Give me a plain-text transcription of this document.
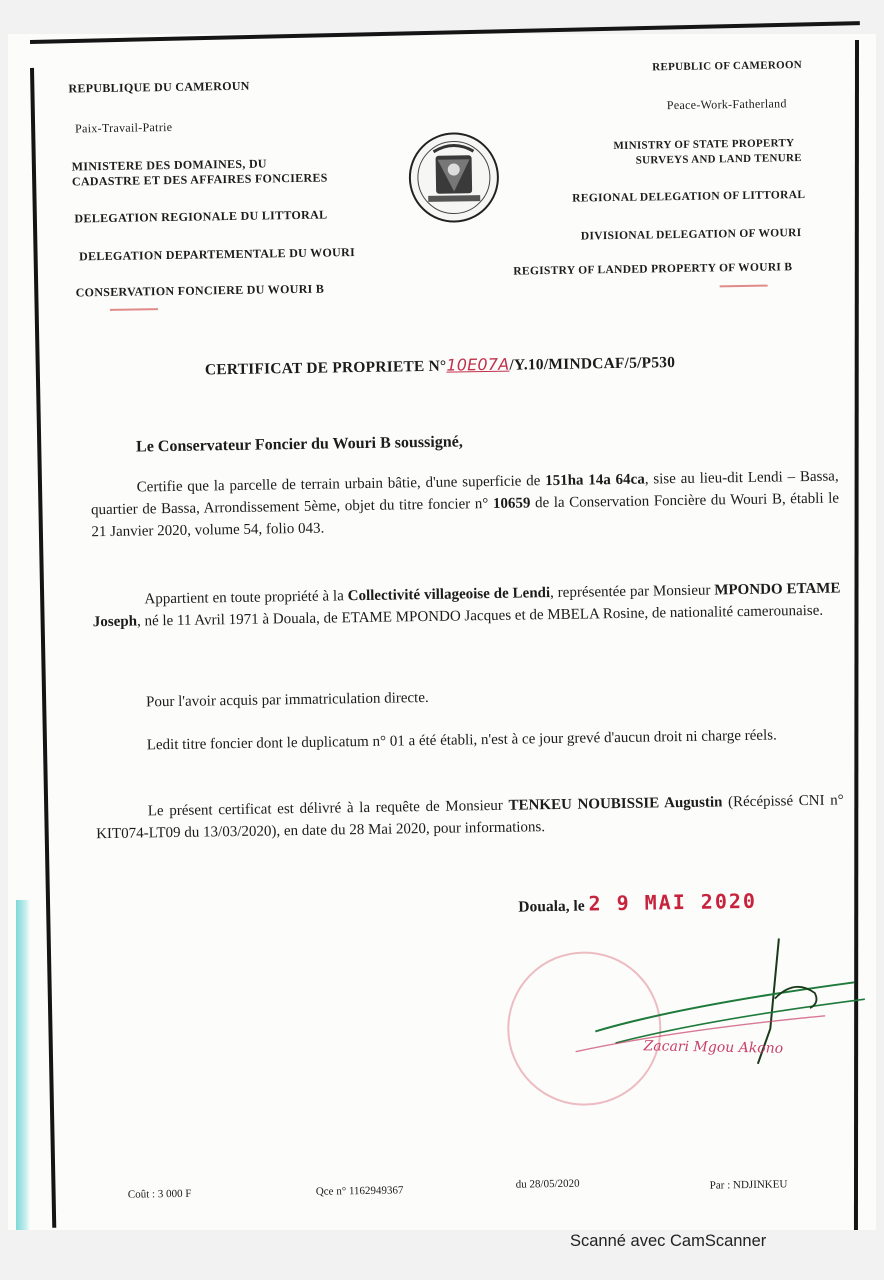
REPUBLIQUE DU CAMEROUN
Paix-Travail-Patrie
MINISTERE DES DOMAINES, DU
CADASTRE ET DES AFFAIRES FONCIERES
DELEGATION REGIONALE DU LITTORAL
DELEGATION DEPARTEMENTALE DU WOURI
CONSERVATION FONCIERE DU WOURI B
REPUBLIC OF CAMEROON
Peace-Work-Fatherland
MINISTRY OF STATE PROPERTY
SURVEYS AND LAND TENURE
REGIONAL DELEGATION OF LITTORAL
DIVISIONAL DELEGATION OF WOURI
REGISTRY OF LANDED PROPERTY OF WOURI B
CERTIFICAT DE PROPRIETE N°10E07A/Y.10/MINDCAF/5/P530
Le Conservateur Foncier du Wouri B soussigné,
Certifie que la parcelle de terrain urbain bâtie, d'une superficie de 151ha 14a 64ca, sise au lieu-dit Lendi – Bassa, quartier de Bassa, Arrondissement 5ème, objet du titre foncier n° 10659 de la Conservation Foncière du Wouri B, établi le 21 Janvier 2020, volume 54, folio 043.
Appartient en toute propriété à la Collectivité villageoise de Lendi, représentée par Monsieur MPONDO ETAME Joseph, né le 11 Avril 1971 à Douala, de ETAME MPONDO Jacques et de MBELA Rosine, de nationalité camerounaise.
Pour l'avoir acquis par immatriculation directe.
Ledit titre foncier dont le duplicatum n° 01 a été établi, n'est à ce jour grevé d'aucun droit ni charge réels.
Le présent certificat est délivré à la requête de Monsieur TENKEU NOUBISSIE Augustin (Récépissé CNI n° KIT074-LT09 du 13/03/2020), en date du 28 Mai 2020, pour informations.
Douala, le 2 9 MAI 2020
Zacari Mgou Akono
Coût : 3 000 F	Qce n° 1162949367
du 28/05/2020	Par : NDJINKEU
Scanné avec CamScanner
